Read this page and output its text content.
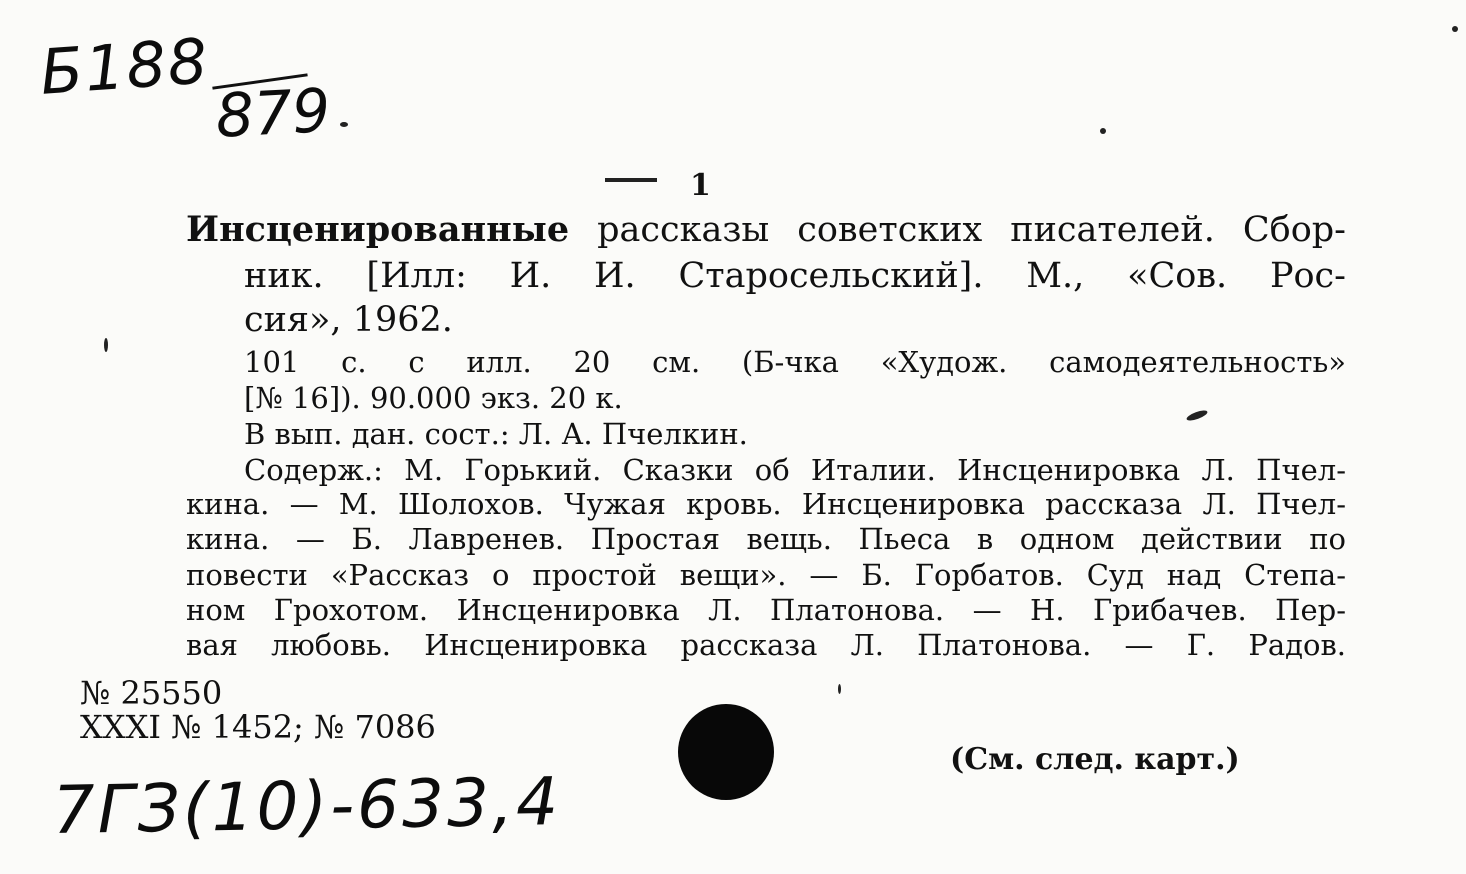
Б188
879
1
Инсценированные рассказы советских писателей. Сбор-
ник. [Илл: И. И. Старосельский]. М., «Сов. Рос-
сия», 1962.
101 с. с илл. 20 см. (Б-чка «Худож. самодеятельность»
[№ 16]). 90.000 экз. 20 к.
В вып. дан. сост.: Л. А. Пчелкин.
Содерж.: М. Горький. Сказки об Италии. Инсценировка Л. Пчел-
кина. — М. Шолохов. Чужая кровь. Инсценировка рассказа Л. Пчел-
кина. — Б. Лавренев. Простая вещь. Пьеса в одном действии по
повести «Рассказ о простой вещи». — Б. Горбатов. Суд над Степа-
ном Грохотом. Инсценировка Л. Платонова. — Н. Грибачев. Пер-
вая любовь. Инсценировка рассказа Л. Платонова. — Г. Радов.
№ 25550
XXXI № 1452; № 7086
(См. след. карт.)
7ГЗ(10)-633,4
